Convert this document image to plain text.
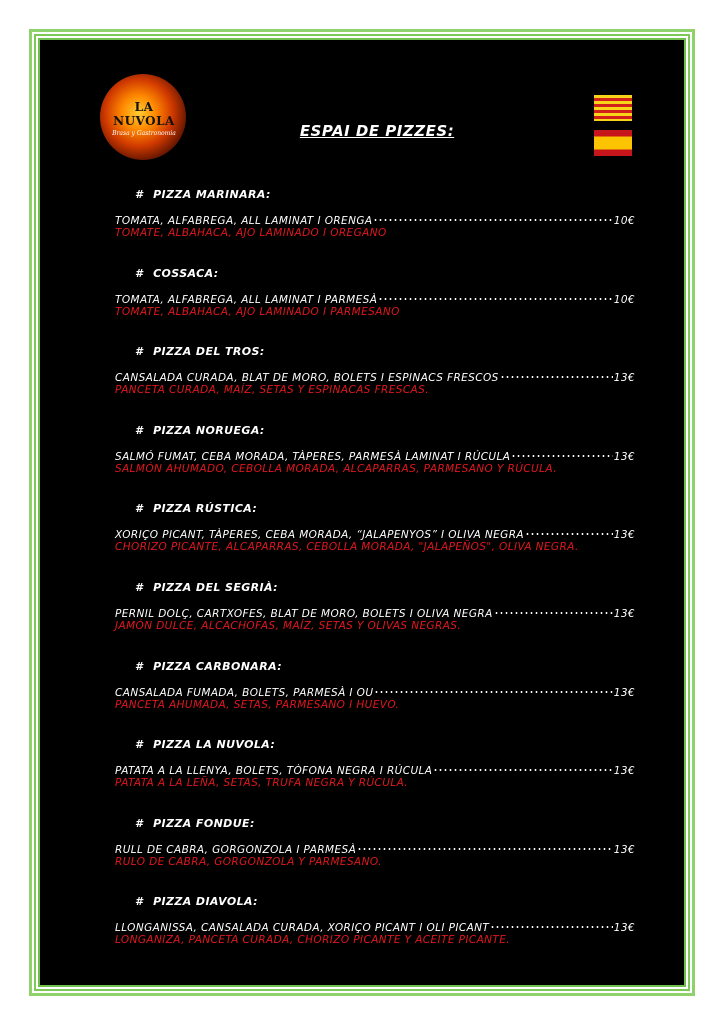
LA NUVOLA
Brasa y Gastronomia	ESPAI DE PIZZES:
# PIZZA MARINARA:
TOMATA, ALFABREGA, ALL LAMINAT I ORENGA	10€
TOMATE, ALBAHACA, AJO LAMINADO I OREGANO
# COSSACA:
TOMATA, ALFABREGA, ALL LAMINAT I PARMESÀ	10€
TOMATE, ALBAHACA, AJO LAMINADO I PARMESANO
# PIZZA DEL TROS:
CANSALADA CURADA, BLAT DE MORO, BOLETS I ESPINACS FRESCOS	13€
PANCETA CURADA, MAÍZ, SETAS Y ESPINACAS FRESCAS.
# PIZZA NORUEGA:
SALMÓ FUMAT, CEBA MORADA, TÀPERES, PARMESÀ LAMINAT I RÚCULA	13€
SALMÓN AHUMADO, CEBOLLA MORADA, ALCAPARRAS, PARMESANO Y RÚCULA.
# PIZZA RÚSTICA:
XORIÇO PICANT, TÀPERES, CEBA MORADA, “JALAPENYOS” I OLIVA NEGRA	13€
CHORIZO PICANTE, ALCAPARRAS, CEBOLLA MORADA, "JALAPEÑOS", OLIVA NEGRA.
# PIZZA DEL SEGRIÀ:
PERNIL DOLÇ, CARTXOFES, BLAT DE MORO, BOLETS I OLIVA NEGRA	13€
JAMÓN DULCE, ALCACHOFAS, MAÍZ, SETAS Y OLIVAS NEGRAS.
# PIZZA CARBONARA:
CANSALADA FUMADA, BOLETS, PARMESÀ I OU	13€
PANCETA AHUMADA, SETAS, PARMESANO I HUEVO.
# PIZZA LA NUVOLA:
PATATA A LA LLENYA, BOLETS, TÒFONA NEGRA I RÚCULA	13€
PATATA A LA LEÑA, SETAS, TRUFA NEGRA Y RÚCULA.
# PIZZA FONDUE:
RULL DE CABRA, GORGONZOLA I PARMESÀ	13€
RULO DE CABRA, GORGONZOLA Y PARMESANO.
# PIZZA DIAVOLA:
LLONGANISSA, CANSALADA CURADA, XORIÇO PICANT I OLI PICANT	13€
LONGANIZA, PANCETA CURADA, CHORIZO PICANTE Y ACEITE PICANTE.
